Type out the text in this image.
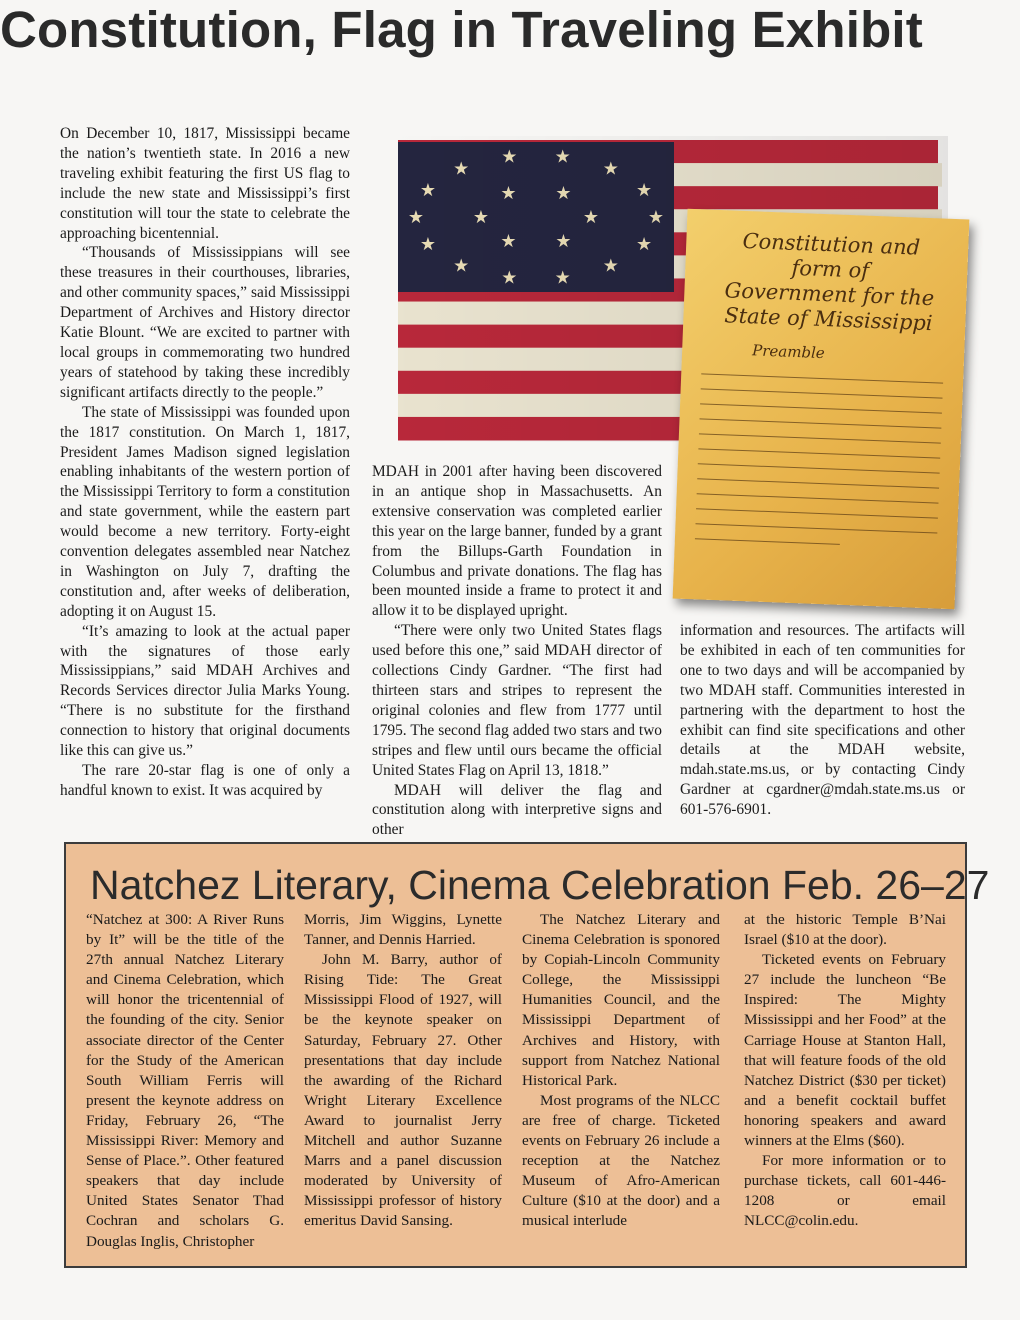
Constitution, Flag in Traveling Exhibit

On December 10, 1817, Mississippi became the nation’s twentieth state. In 2016 a new traveling exhibit featuring the first US flag to include the new state and Mississippi’s first constitution will tour the state to celebrate the approaching bicentennial.

“Thousands of Mississippians will see these treasures in their courthouses, libraries, and other community spaces,” said Mississippi Department of Archives and History director Katie Blount. “We are excited to partner with local groups in commemorating two hundred years of statehood by taking these incredibly significant artifacts directly to the people.”

The state of Mississippi was founded upon the 1817 constitution. On March 1, 1817, President James Madison signed legislation enabling inhabitants of the western portion of the Mississippi Territory to form a constitution and state government, while the eastern part would become a new territory. Forty-eight convention delegates assembled near Natchez in Washington on July 7, drafting the constitution and, after weeks of deliberation, adopting it on August 15.

“It’s amazing to look at the actual paper with the signatures of those early Mississippians,” said MDAH Archives and Records Services director Julia Marks Young. “There is no substitute for the firsthand connection to history that original documents like this can give us.”

The rare 20-star flag is one of only a handful known to exist. It was acquired by

Constitution and form of Government for the State of Mississippi
Preamble

MDAH in 2001 after having been discovered in an antique shop in Massachusetts. An extensive conservation was completed earlier this year on the large banner, funded by a grant from the Billups-Garth Foundation in Columbus and private donations. The flag has been mounted inside a frame to protect it and allow it to be displayed upright.

“There were only two United States flags used before this one,” said MDAH director of collections Cindy Gardner. “The first had thirteen stars and stripes to represent the original colonies and flew from 1777 until 1795. The second flag added two stars and two stripes and flew until ours became the official United States Flag on April 13, 1818.”

MDAH will deliver the flag and constitution along with interpretive signs and other

information and resources. The artifacts will be exhibited in each of ten communities for one to two days and will be accompanied by two MDAH staff. Communities interested in partnering with the department to host the exhibit can find site specifications and other details at the MDAH website, mdah.state.ms.us, or by contacting Cindy Gardner at cgardner@mdah.state.ms.us or 601-576-6901.

Natchez Literary, Cinema Celebration Feb. 26–27

“Natchez at 300: A River Runs by It” will be the title of the 27th annual Natchez Literary and Cinema Celebration, which will honor the tricentennial of the founding of the city. Senior associate director of the Center for the Study of the American South William Ferris will present the keynote address on Friday, February 26, “The Mississippi River: Memory and Sense of Place.”. Other featured speakers that day include United States Senator Thad Cochran and scholars G. Douglas Inglis, Christopher

Morris, Jim Wiggins, Lynette Tanner, and Dennis Harried.

John M. Barry, author of Rising Tide: The Great Mississippi Flood of 1927, will be the keynote speaker on Saturday, February 27. Other presentations that day include the awarding of the Richard Wright Literary Excellence Award to journalist Jerry Mitchell and author Suzanne Marrs and a panel discussion moderated by University of Mississippi professor of history emeritus David Sansing.

The Natchez Literary and Cinema Celebration is sponored by Copiah-Lincoln Community College, the Mississippi Humanities Council, and the Mississippi Department of Archives and History, with support from Natchez National Historical Park.

Most programs of the NLCC are free of charge. Ticketed events on February 26 include a reception at the Natchez Museum of Afro-American Culture ($10 at the door) and a musical interlude

at the historic Temple B’Nai Israel ($10 at the door).

Ticketed events on February 27 include the luncheon “Be Inspired: The Mighty Mississippi and her Food” at the Carriage House at Stanton Hall, that will feature foods of the old Natchez District ($30 per ticket) and a benefit cocktail buffet honoring speakers and award winners at the Elms ($60).

For more information or to purchase tickets, call 601-446-1208 or email NLCC@colin.edu.
